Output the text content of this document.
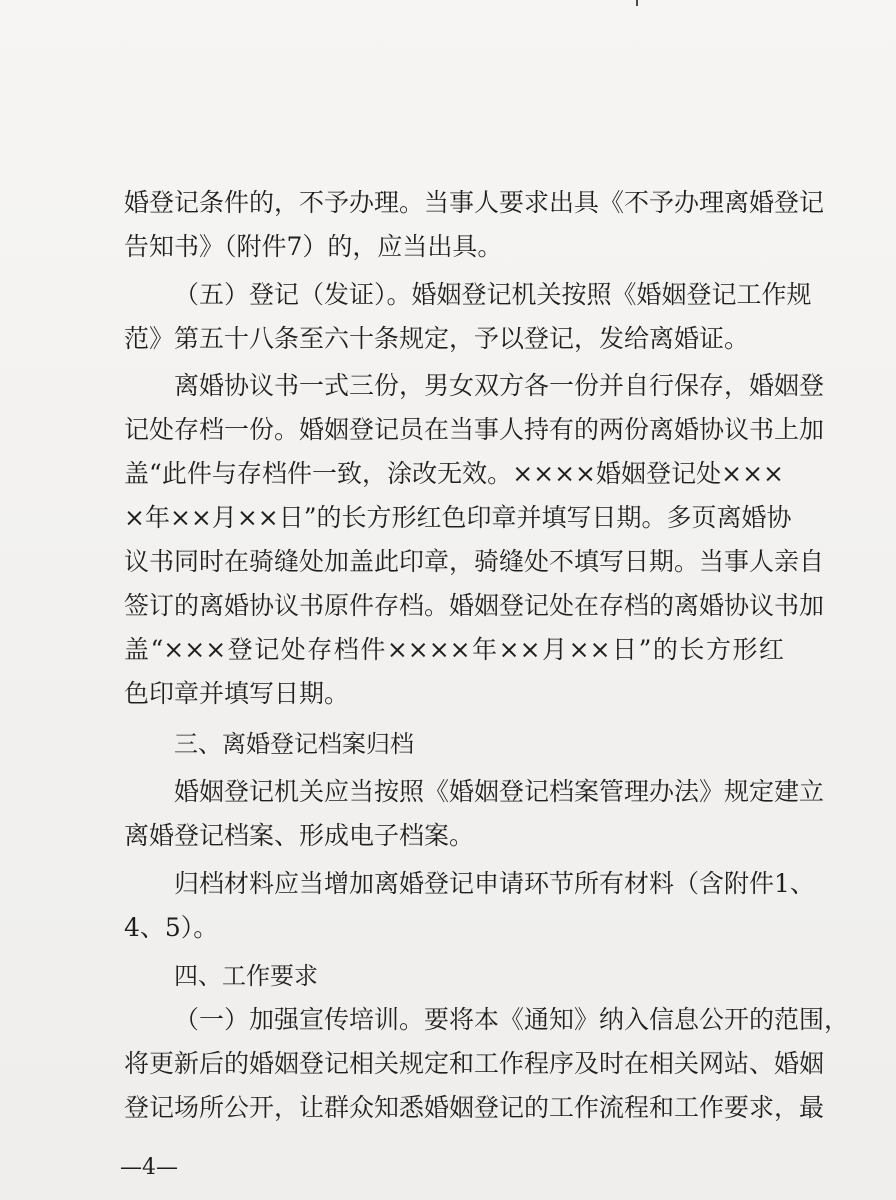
婚登记条件的，不予办理。当事人要求出具《不予办理离婚登记
告知书》（附件7）的，应当出具。
（五）登记（发证）。婚姻登记机关按照《婚姻登记工作规
范》第五十八条至六十条规定，予以登记，发给离婚证。
离婚协议书一式三份，男女双方各一份并自行保存，婚姻登
记处存档一份。婚姻登记员在当事人持有的两份离婚协议书上加
盖“此件与存档件一致，涂改无效。××××婚姻登记处×××
×年××月××日”的长方形红色印章并填写日期。多页离婚协
议书同时在骑缝处加盖此印章，骑缝处不填写日期。当事人亲自
签订的离婚协议书原件存档。婚姻登记处在存档的离婚协议书加
盖“×××登记处存档件××××年××月××日”的长方形红
色印章并填写日期。
三、离婚登记档案归档
婚姻登记机关应当按照《婚姻登记档案管理办法》规定建立
离婚登记档案、形成电子档案。
归档材料应当增加离婚登记申请环节所有材料（含附件1、
4、5）。
四、工作要求
（一）加强宣传培训。要将本《通知》纳入信息公开的范围，
将更新后的婚姻登记相关规定和工作程序及时在相关网站、婚姻
登记场所公开，让群众知悉婚姻登记的工作流程和工作要求，最
—4—
